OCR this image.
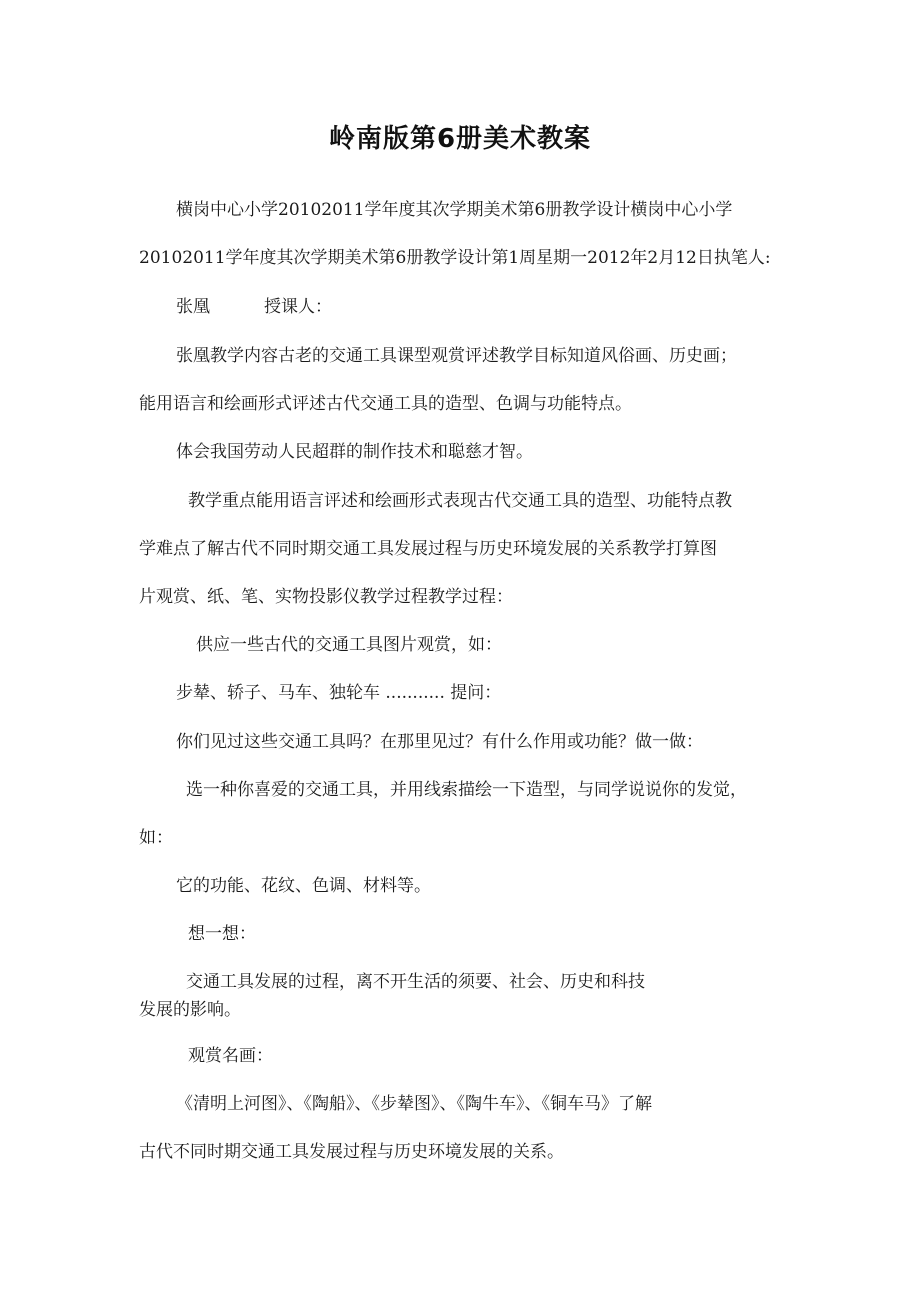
岭南版第6册美术教案
横岗中心小学20102011学年度其次学期美术第6册教学设计横岗中心小学
20102011学年度其次学期美术第6册教学设计第1周星期一2012年2月12日执笔人:
张凰	授课人：
张凰教学内容古老的交通工具课型观赏评述教学目标知道风俗画、历史画；
能用语言和绘画形式评述古代交通工具的造型、色调与功能特点。
体会我国劳动人民超群的制作技术和聪慈才智。
教学重点能用语言评述和绘画形式表现古代交通工具的造型、功能特点教
学难点了解古代不同时期交通工具发展过程与历史环境发展的关系教学打算图
片观赏、纸、笔、实物投影仪教学过程教学过程：
供应一些古代的交通工具图片观赏，如：
步辇、轿子、马车、独轮车 ........... 提问：
你们见过这些交通工具吗？在那里见过？有什么作用或功能？做一做：
选一种你喜爱的交通工具，并用线索描绘一下造型，与同学说说你的发觉，
如：
它的功能、花纹、色调、材料等。
想一想：
交通工具发展的过程，离不开生活的须要、社会、历史和科技
发展的影响。
观赏名画：
《清明上河图》、《陶船》、《步辇图》、《陶牛车》、《铜车马》了解
古代不同时期交通工具发展过程与历史环境发展的关系。
